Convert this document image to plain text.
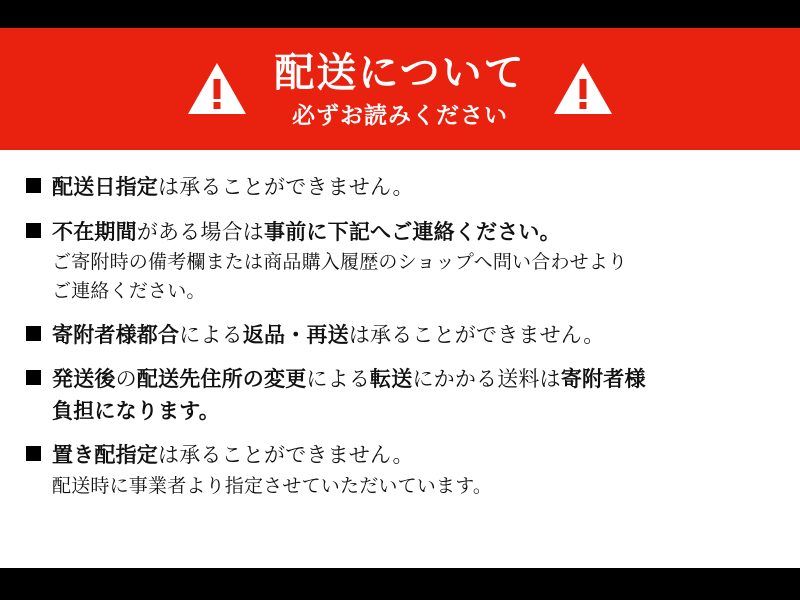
配送について
必ずお読みください
配送日指定は承ることができません。
不在期間がある場合は事前に下記へご連絡ください。
ご寄附時の備考欄または商品購入履歴のショップへ問い合わせより
ご連絡ください。
寄附者様都合による返品・再送は承ることができません。
発送後の配送先住所の変更による転送にかかる送料は寄附者様
負担になります。
置き配指定は承ることができません。
配送時に事業者より指定させていただいています。
